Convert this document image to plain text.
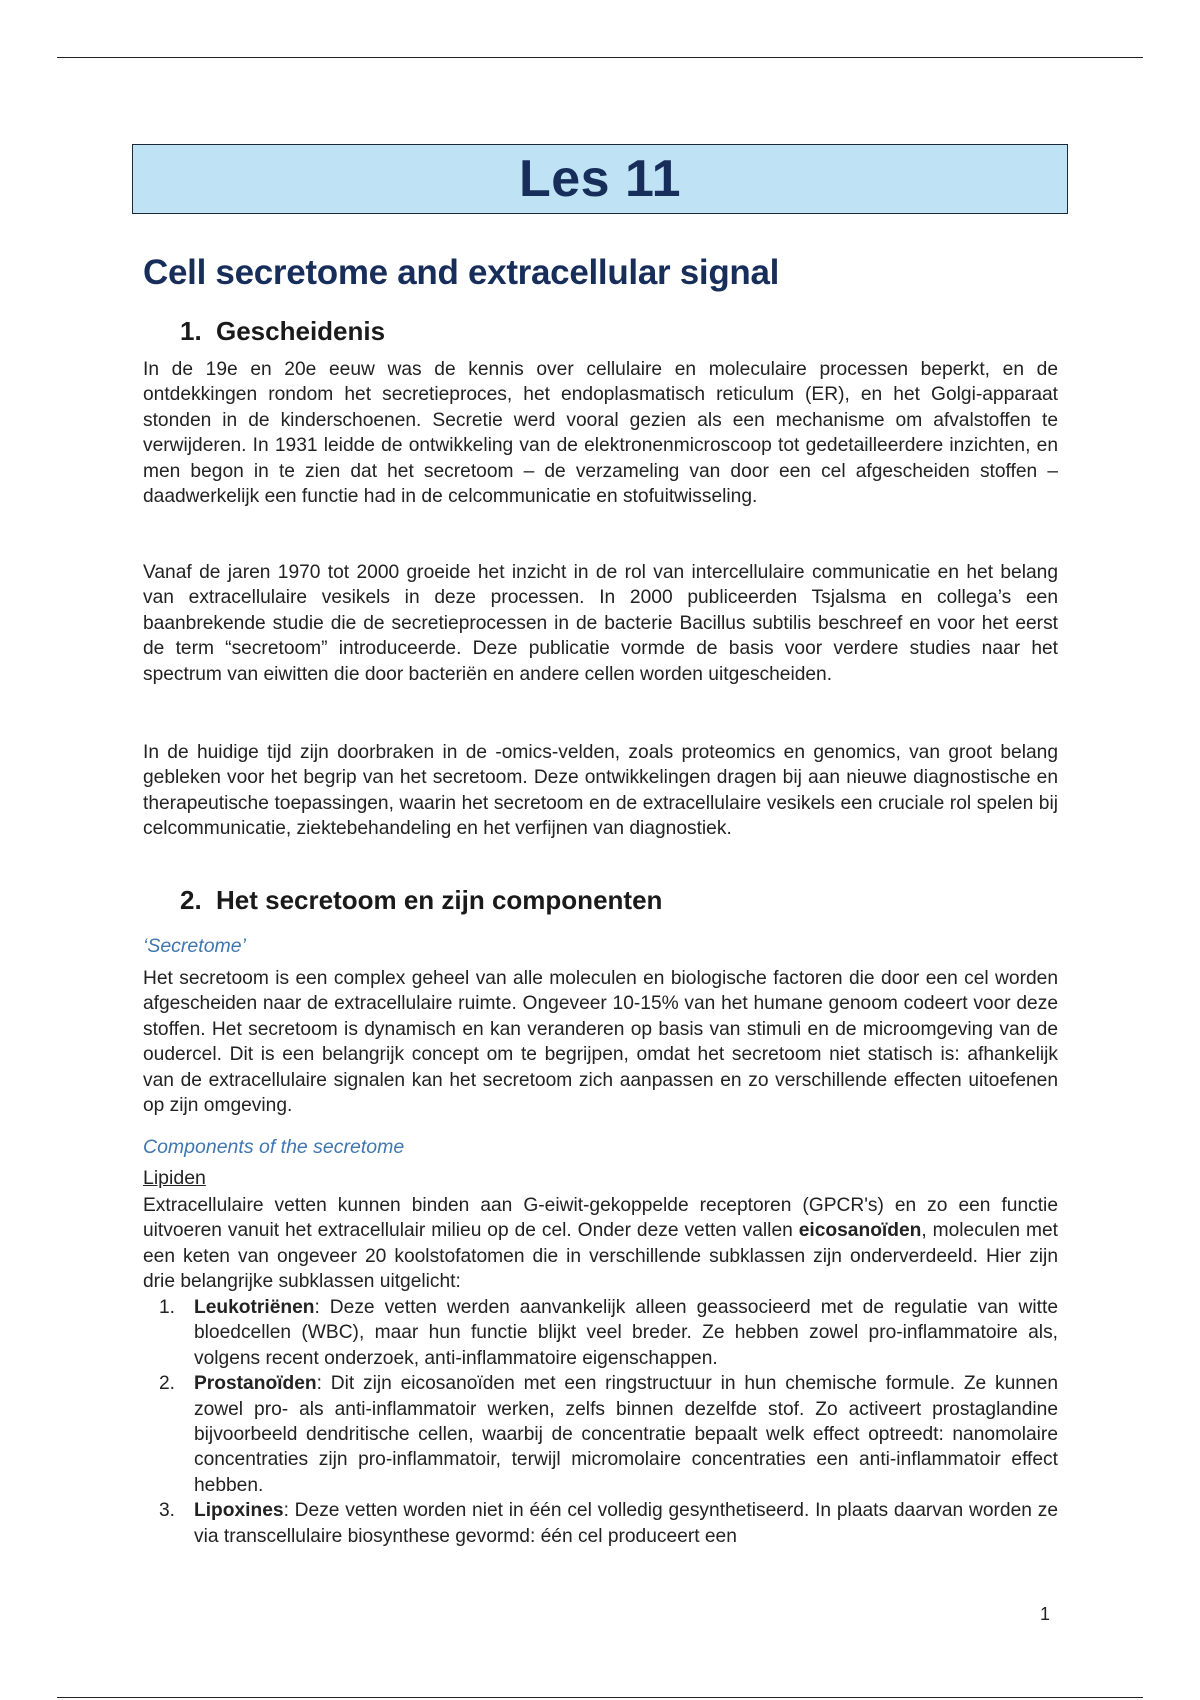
Les 11
Cell secretome and extracellular signal
1. Gescheidenis

In de 19e en 20e eeuw was de kennis over cellulaire en moleculaire processen beperkt, en de ontdekkingen rondom het secretieproces, het endoplasmatisch reticulum (ER), en het Golgi-apparaat stonden in de kinderschoenen. Secretie werd vooral gezien als een mechanisme om afvalstoffen te verwijderen. In 1931 leidde de ontwikkeling van de elektronenmicroscoop tot gedetailleerdere inzichten, en men begon in te zien dat het secretoom – de verzameling van door een cel afgescheiden stoffen – daadwerkelijk een functie had in de celcommunicatie en stofuitwisseling.

Vanaf de jaren 1970 tot 2000 groeide het inzicht in de rol van intercellulaire communicatie en het belang van extracellulaire vesikels in deze processen. In 2000 publiceerden Tsjalsma en collega’s een baanbrekende studie die de secretieprocessen in de bacterie Bacillus subtilis beschreef en voor het eerst de term “secretoom” introduceerde. Deze publicatie vormde de basis voor verdere studies naar het spectrum van eiwitten die door bacteriën en andere cellen worden uitgescheiden.

In de huidige tijd zijn doorbraken in de -omics-velden, zoals proteomics en genomics, van groot belang gebleken voor het begrip van het secretoom. Deze ontwikkelingen dragen bij aan nieuwe diagnostische en therapeutische toepassingen, waarin het secretoom en de extracellulaire vesikels een cruciale rol spelen bij celcommunicatie, ziektebehandeling en het verfijnen van diagnostiek.

2. Het secretoom en zijn componenten

‘Secretome’

Het secretoom is een complex geheel van alle moleculen en biologische factoren die door een cel worden afgescheiden naar de extracellulaire ruimte. Ongeveer 10-15% van het humane genoom codeert voor deze stoffen. Het secretoom is dynamisch en kan veranderen op basis van stimuli en de microomgeving van de oudercel. Dit is een belangrijk concept om te begrijpen, omdat het secretoom niet statisch is: afhankelijk van de extracellulaire signalen kan het secretoom zich aanpassen en zo verschillende effecten uitoefenen op zijn omgeving.

Components of the secretome

Lipiden

Extracellulaire vetten kunnen binden aan G-eiwit-gekoppelde receptoren (GPCR's) en zo een functie uitvoeren vanuit het extracellulair milieu op de cel. Onder deze vetten vallen eicosanoïden, moleculen met een keten van ongeveer 20 koolstofatomen die in verschillende subklassen zijn onderverdeeld. Hier zijn drie belangrijke subklassen uitgelicht:

1. Leukotriënen: Deze vetten werden aanvankelijk alleen geassocieerd met de regulatie van witte bloedcellen (WBC), maar hun functie blijkt veel breder. Ze hebben zowel pro-inflammatoire als, volgens recent onderzoek, anti-inflammatoire eigenschappen.
2. Prostanoïden: Dit zijn eicosanoïden met een ringstructuur in hun chemische formule. Ze kunnen zowel pro- als anti-inflammatoir werken, zelfs binnen dezelfde stof. Zo activeert prostaglandine bijvoorbeeld dendritische cellen, waarbij de concentratie bepaalt welk effect optreedt: nanomolaire concentraties zijn pro-inflammatoir, terwijl micromolaire concentraties een anti-inflammatoir effect hebben.
3. Lipoxines: Deze vetten worden niet in één cel volledig gesynthetiseerd. In plaats daarvan worden ze via transcellulaire biosynthese gevormd: één cel produceert een
1
